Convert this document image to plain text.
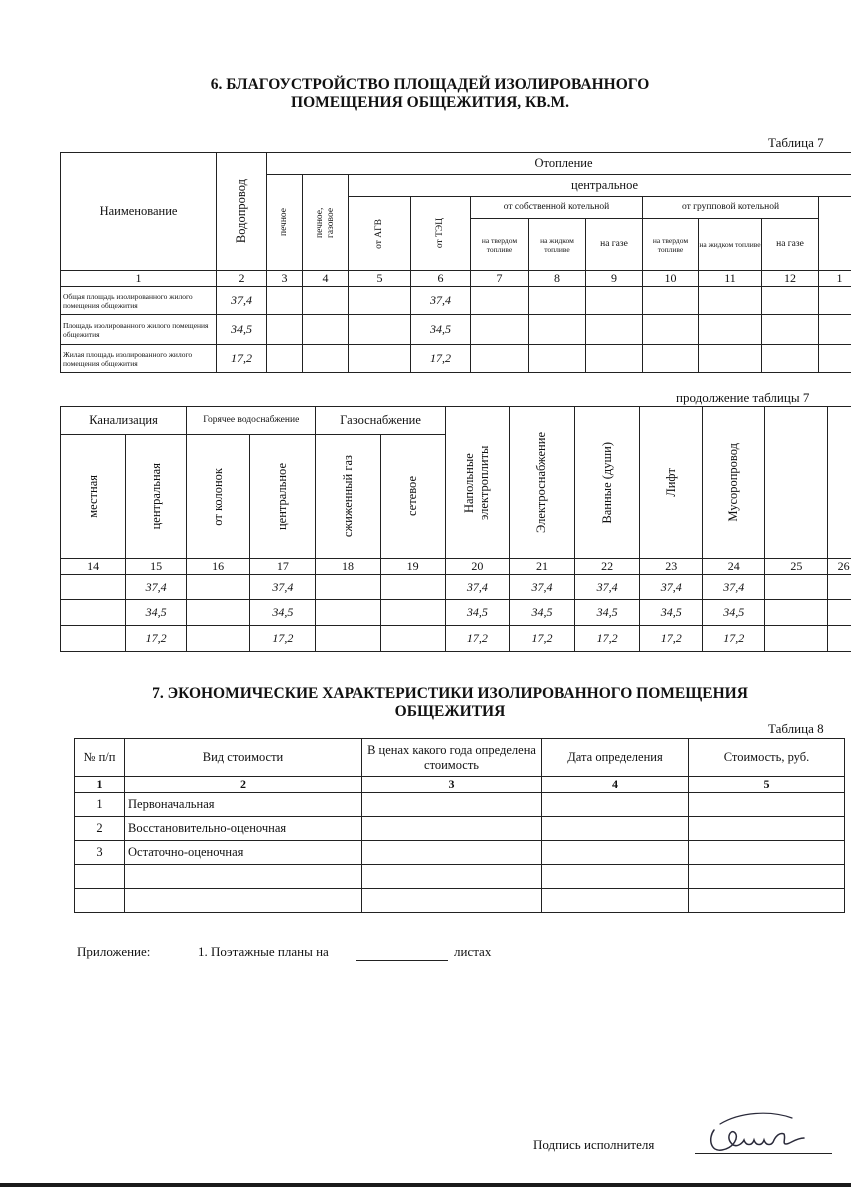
6. БЛАГОУСТРОЙСТВО ПЛОЩАДЕЙ ИЗОЛИРОВАННОГО
ПОМЕЩЕНИЯ ОБЩЕЖИТИЯ, КВ.М.
Таблица 7
Наименование	Водопровод	Отопление										

		печное	печное, газовое	центральное								

				от АГВ	от ТЭЦ	от собственной котельной			от групповой котельной			
						на твердом топливе	на жидком топливе	на газе	на твердом топливе	на жидком топливе	на газе	
1	2	3	4	5	6	7	8	9	10	11	12	1
Общая площадь изолированного жилого помещения общежития	37,4				37,4							
Площадь изолированного жилого помещения общежития	34,5				34,5							
Жилая площадь изолированного жилого помещения общежития	17,2				17,2							
продолжение таблицы 7
Канализация		Горячее водоснабжение		Газоснабжение		Напольные электроплиты	Электроснабжение	Ванные (души)	Лифт	Мусоропровод		

местная	центральная	от колонок	центральное	сжиженный газ	сетевое							

14	15	16	17	18	19	20	21	22	23	24	25	26
	37,4		37,4			37,4	37,4	37,4	37,4	37,4		
	34,5		34,5			34,5	34,5	34,5	34,5	34,5		
	17,2		17,2			17,2	17,2	17,2	17,2	17,2		
7. ЭКОНОМИЧЕСКИЕ ХАРАКТЕРИСТИКИ ИЗОЛИРОВАННОГО ПОМЕЩЕНИЯ
ОБЩЕЖИТИЯ
Таблица 8
№ п/п	Вид стоимости	В ценах какого года определена стоимость	Дата определения	Стоимость, руб.
1	2	3	4	5
1	Первоначальная			
2	Восстановительно-оценочная			
3	Остаточно-оценочная			

Приложение:	1. Поэтажные планы на	листах
Подпись исполнителя
